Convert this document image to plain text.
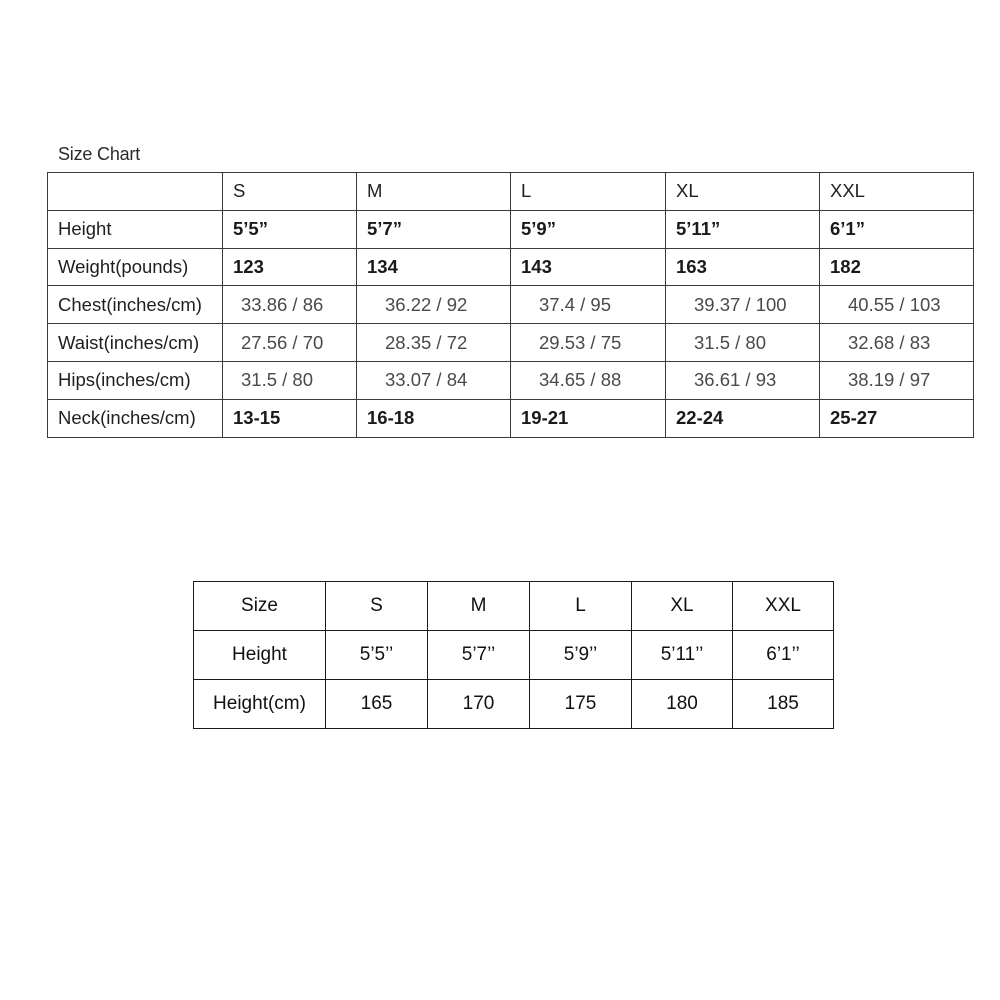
Size Chart
	S	M	L	XL	XXL
Height	5’5”	5’7”	5’9”	5’11”	6’1”
Weight(pounds)	123	134	143	163	182
Chest(inches/cm)	33.86 / 86	36.22 / 92	37.4 / 95	39.37 / 100	40.55 / 103
Waist(inches/cm)	27.56 / 70	28.35 / 72	29.53 / 75	31.5 / 80	32.68 / 83
Hips(inches/cm)	31.5 / 80	33.07 / 84	34.65 / 88	36.61 / 93	38.19 / 97
Neck(inches/cm)	13-15	16-18	19-21	22-24	25-27
Size	S	M	L	XL	XXL
Height	5’5’’	5’7’’	5’9’’	5’11’’	6’1’’
Height(cm)	165	170	175	180	185
